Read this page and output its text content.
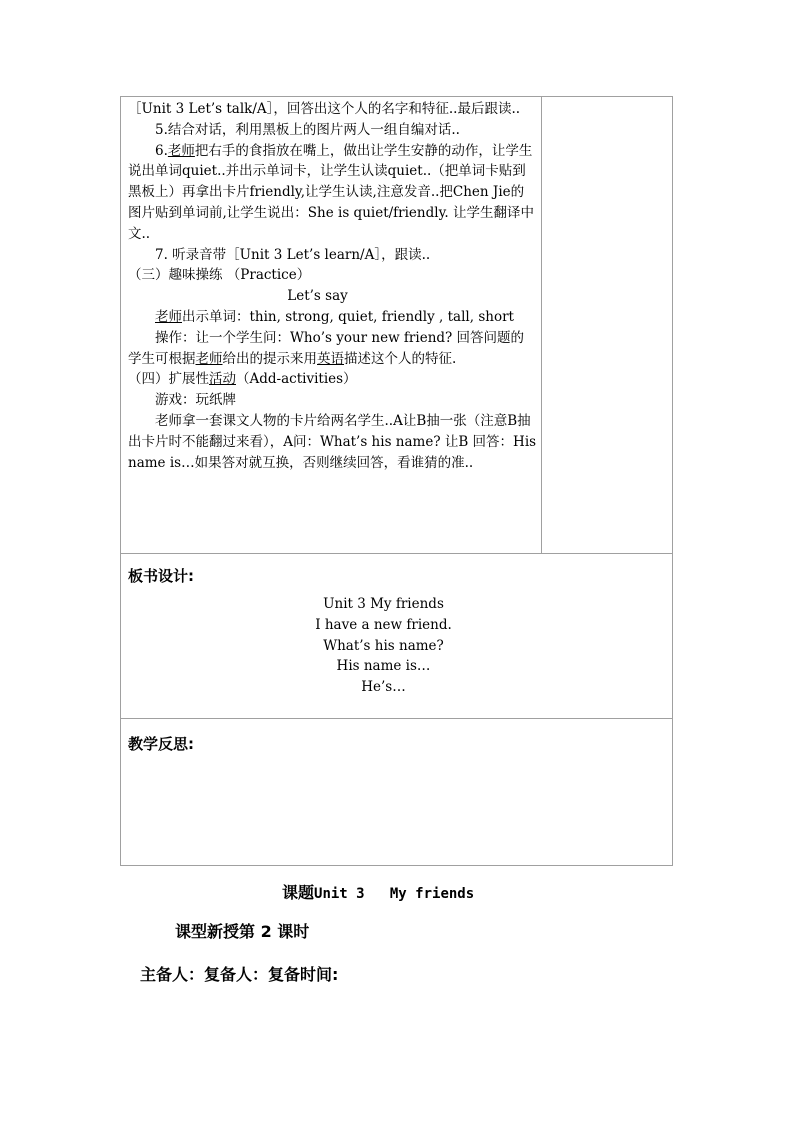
［Unit 3 Let’s talk/A］，回答出这个人的名字和特征..最后跟读..

5.结合对话，利用黑板上的图片两人一组自编对话..

6.老师把右手的食指放在嘴上，做出让学生安静的动作，让学生说出单词quiet..并出示单词卡，让学生认读quiet..（把单词卡贴到黑板上）再拿出卡片friendly,让学生认读,注意发音..把Chen Jie的图片贴到单词前,让学生说出：She is quiet/friendly. 让学生翻译中文..

7. 听录音带［Unit 3 Let’s learn/A］，跟读..

（三）趣味操练 （Practice）

Let’s say

老师出示单词：thin, strong, quiet, friendly , tall, short

操作：让一个学生问：Who’s your new friend? 回答问题的学生可根据老师给出的提示来用英语描述这个人的特征.

（四）扩展性活动（Add-activities）

游戏：玩纸牌

老师拿一套课文人物的卡片给两名学生..A让B抽一张（注意B抽出卡片时不能翻过来看），A问：What’s his name? 让B 回答：His name is…如果答对就互换，否则继续回答，看谁猜的准..

板书设计:

Unit 3 My friends
I have a new friend.
What’s his name?
His name is…
He’s…

教学反思:

课题Unit 3   My friends
课型新授第 2 课时
主备人：复备人：复备时间:
